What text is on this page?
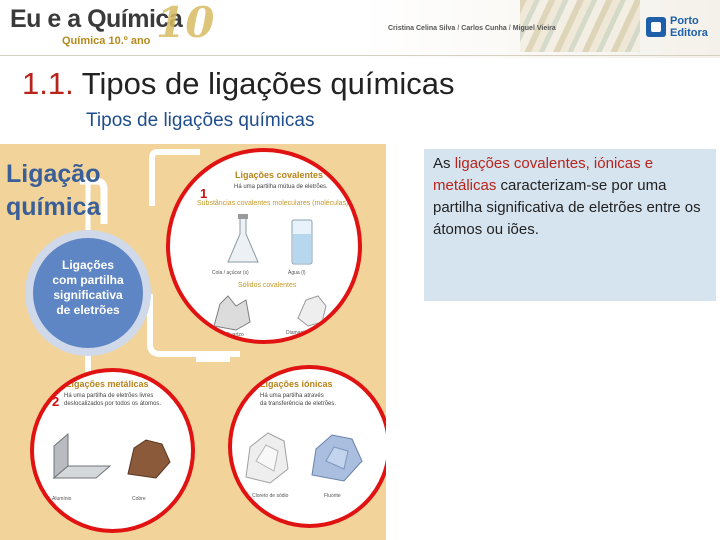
Eu e a Química
10
Química 10.º ano
Cristina Celina Silva / Carlos Cunha / Miguel Vieira
Porto
Editora
1.1. Tipos de ligações químicas
Tipos de ligações químicas
Ligação
química
Ligações
com partilha
significativa
de eletrões
Ligações covalentes
Há uma partilha mútua de eletrões.
1
Substâncias covalentes moleculares (moléculas)
Cola / açúcar (s)	Água (l)
Sólidos covalentes
Quartzo	Diamante
Ligações metálicas
2 Há uma partilha de eletrões livres
deslocalizados por todos os átomos.
Alumínio	Cobre
Ligações iónicas
3 Há uma partilha através
da transferência de eletrões.
Cloreto de sódio	Fluorite
As ligações covalentes, iónicas e metálicas caracterizam-se por uma partilha significativa de eletrões entre os átomos ou iões.
